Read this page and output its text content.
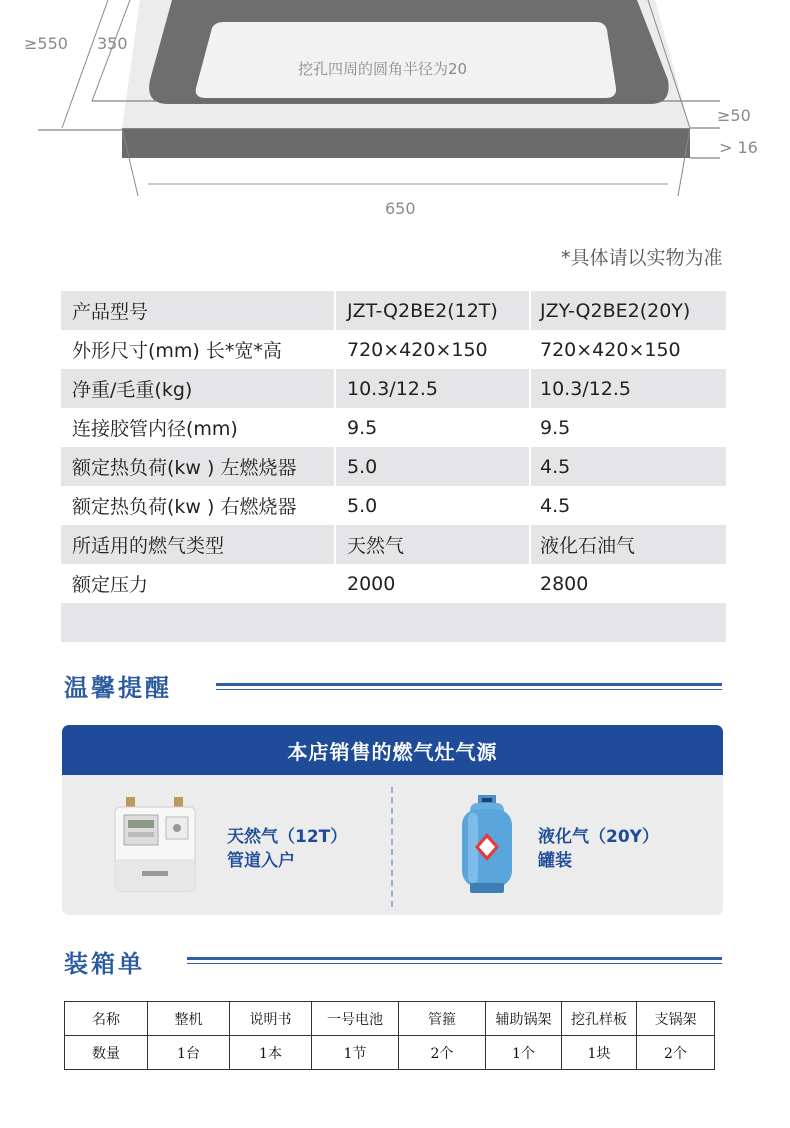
≥550 350
挖孔四周的圆角半径为20
≥50
> 16
650
*具体请以实物为准
产品型号	JZT-Q2BE2(12T)	JZY-Q2BE2(20Y)
外形尺寸(mm) 长*宽*高	720×420×150	720×420×150
净重/毛重(kg)	10.3/12.5	10.3/12.5
连接胶管内径(mm)	9.5	9.5
额定热负荷(kw ) 左燃烧器	5.0	4.5
额定热负荷(kw ) 右燃烧器	5.0	4.5
所适用的燃气类型	天然气	液化石油气
额定压力	2000	2800
温馨提醒
本店销售的燃气灶气源
天然气（12T）
管道入户
液化气（20Y）
罐装
装箱单
名称	整机	说明书	一号电池	管箍	辅助锅架	挖孔样板	支锅架
数量	1台	1本	1节	2个	1个	1块	2个
